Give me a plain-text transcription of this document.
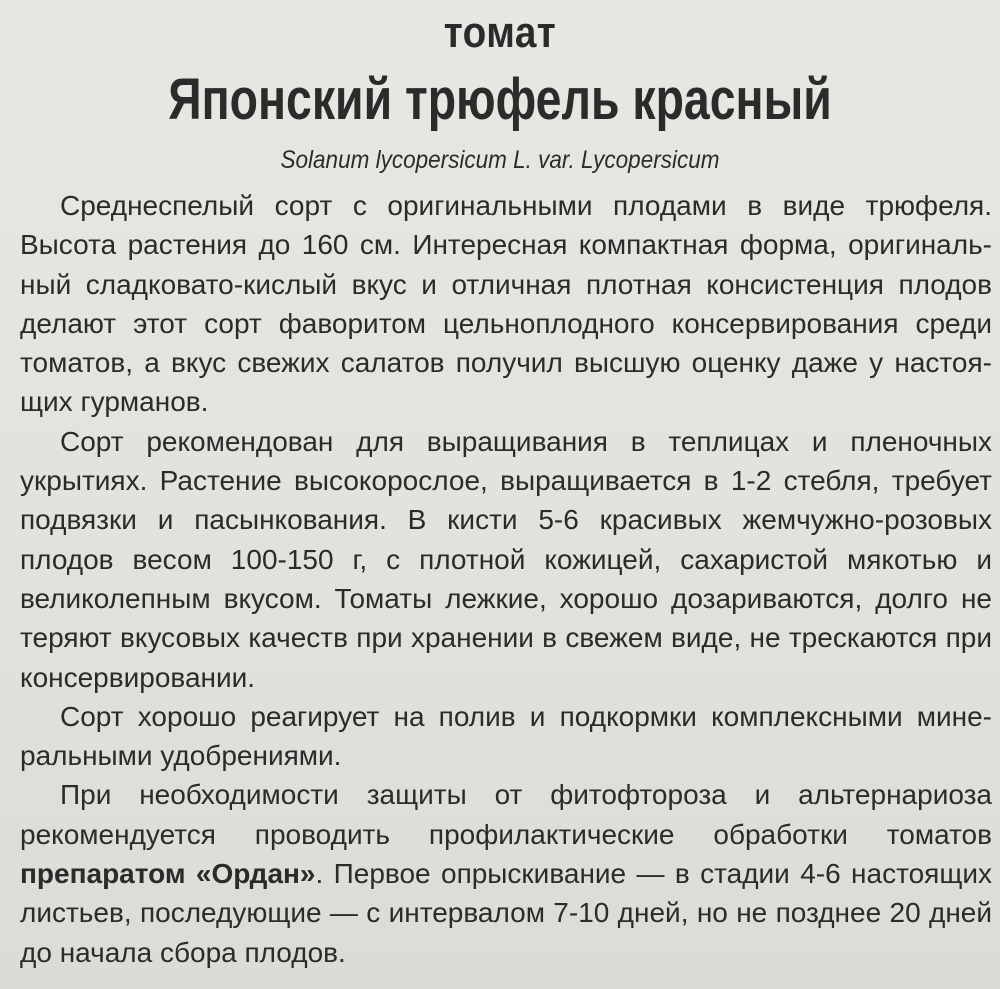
томат
Японский трюфель красный
Solanum lycopersicum L. var. Lycopersicum
Среднеспелый сорт с оригинальными плодами в виде трюфеля.
Высота растения до 160 см. Интересная компактная форма, оригиналь-
ный сладковато-кислый вкус и отличная плотная консистенция плодов
делают этот сорт фаворитом цельноплодного консервирования среди
томатов, а вкус свежих салатов получил высшую оценку даже у настоя-
щих гурманов.
Сорт рекомендован для выращивания в теплицах и пленочных
укрытиях. Растение высокорослое, выращивается в 1-2 стебля, требует
подвязки и пасынкования. В кисти 5-6 красивых жемчужно-розовых
плодов весом 100-150 г, с плотной кожицей, сахаристой мякотью и
великолепным вкусом. Томаты лежкие, хорошо дозариваются, долго не
теряют вкусовых качеств при хранении в свежем виде, не трескаются при
консервировании.
Сорт хорошо реагирует на полив и подкормки комплексными мине-
ральными удобрениями.
При необходимости защиты от фитофтороза и альтернариоза
рекомендуется проводить профилактические обработки томатов
препаратом «Ордан». Первое опрыскивание — в стадии 4-6 настоящих
листьев, последующие — с интервалом 7-10 дней, но не позднее 20 дней
до начала сбора плодов.
